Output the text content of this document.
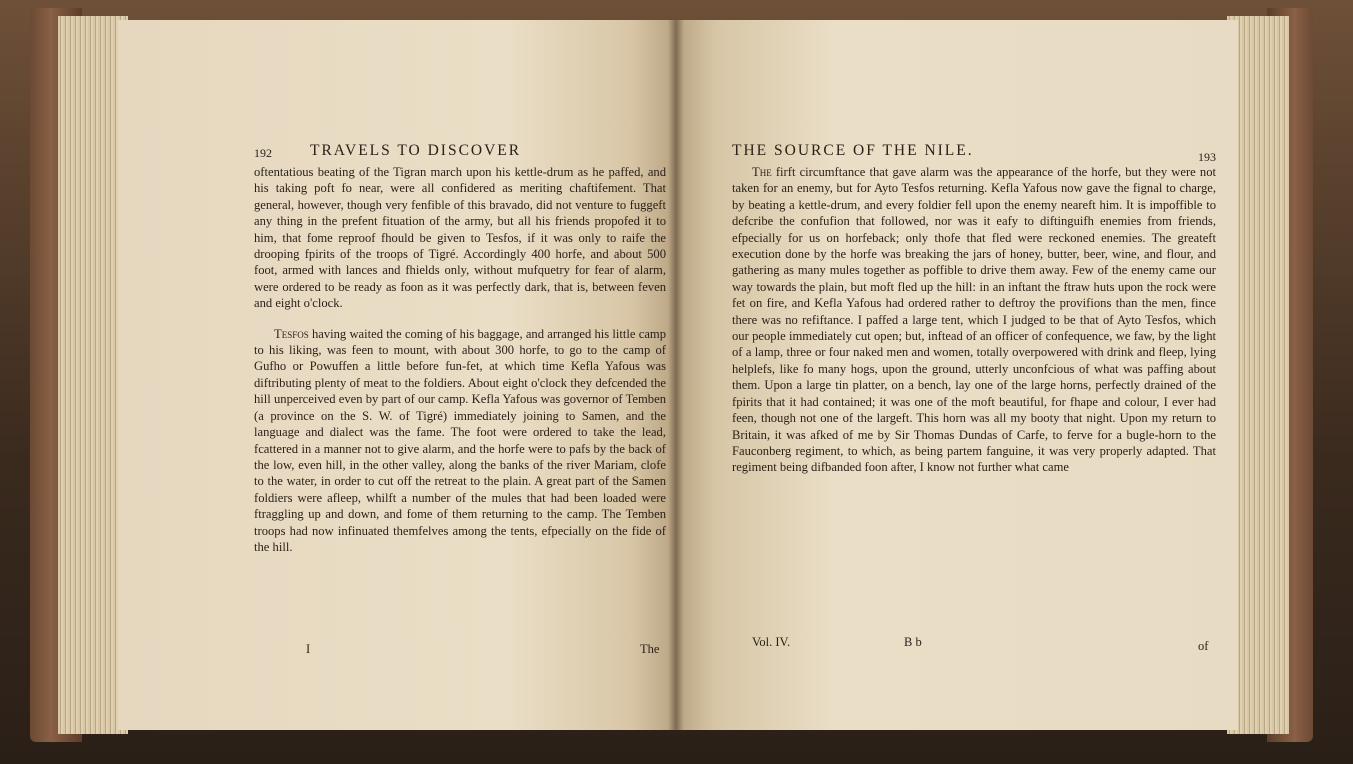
192 TRAVELS TO DISCOVER

oftentatious beating of the Tigran march upon his kettle-drum as he paffed, and his taking poft fo near, were all confidered as meriting chaftifement. That general, however, though very fenfible of this bravado, did not venture to fuggeft any thing in the prefent fituation of the army, but all his friends propofed it to him, that fome reproof fhould be given to Tesfos, if it was only to raife the drooping fpirits of the troops of Tigré. Accordingly 400 horfe, and about 500 foot, armed with lances and fhields only, without mufquetry for fear of alarm, were ordered to be ready as foon as it was perfectly dark, that is, between feven and eight o'clock.

Tesfos having waited the coming of his baggage, and arranged his little camp to his liking, was feen to mount, with about 300 horfe, to go to the camp of Gufho or Powuffen a little before fun-fet, at which time Kefla Yafous was diftributing plenty of meat to the foldiers. About eight o'clock they defcended the hill unperceived even by part of our camp. Kefla Yafous was governor of Temben (a province on the S. W. of Tigré) immediately joining to Samen, and the language and dialect was the fame. The foot were ordered to take the lead, fcattered in a manner not to give alarm, and the horfe were to pafs by the back of the low, even hill, in the other valley, along the banks of the river Mariam, clofe to the water, in order to cut off the retreat to the plain. A great part of the Samen foldiers were afleep, whilft a number of the mules that had been loaded were ftraggling up and down, and fome of them returning to the camp. The Temben troops had now infinuated themfelves among the tents, efpecially on the fide of the hill.

I	The
THE SOURCE OF THE NILE.	193

The firft circumftance that gave alarm was the appearance of the horfe, but they were not taken for an enemy, but for Ayto Tesfos returning. Kefla Yafous now gave the fignal to charge, by beating a kettle-drum, and every foldier fell upon the enemy neareft him. It is impoffible to defcribe the confufion that followed, nor was it eafy to diftinguifh enemies from friends, efpecially for us on horfeback; only thofe that fled were reckoned enemies. The greateft execution done by the horfe was breaking the jars of honey, butter, beer, wine, and flour, and gathering as many mules together as poffible to drive them away. Few of the enemy came our way towards the plain, but moft fled up the hill: in an inftant the ftraw huts upon the rock were fet on fire, and Kefla Yafous had ordered rather to deftroy the provifions than the men, fince there was no refiftance. I paffed a large tent, which I judged to be that of Ayto Tesfos, which our people immediately cut open; but, inftead of an officer of confequence, we faw, by the light of a lamp, three or four naked men and women, totally overpowered with drink and fleep, lying helplefs, like fo many hogs, upon the ground, utterly unconfcious of what was paffing about them. Upon a large tin platter, on a bench, lay one of the large horns, perfectly drained of the fpirits that it had contained; it was one of the moft beautiful, for fhape and colour, I ever had feen, though not one of the largeft. This horn was all my booty that night. Upon my return to Britain, it was afked of me by Sir Thomas Dundas of Carfe, to ferve for a bugle-horn to the Fauconberg regiment, to which, as being partem fanguine, it was very properly adapted. That regiment being difbanded foon after, I know not further what came

Vol. IV.	B b	of
